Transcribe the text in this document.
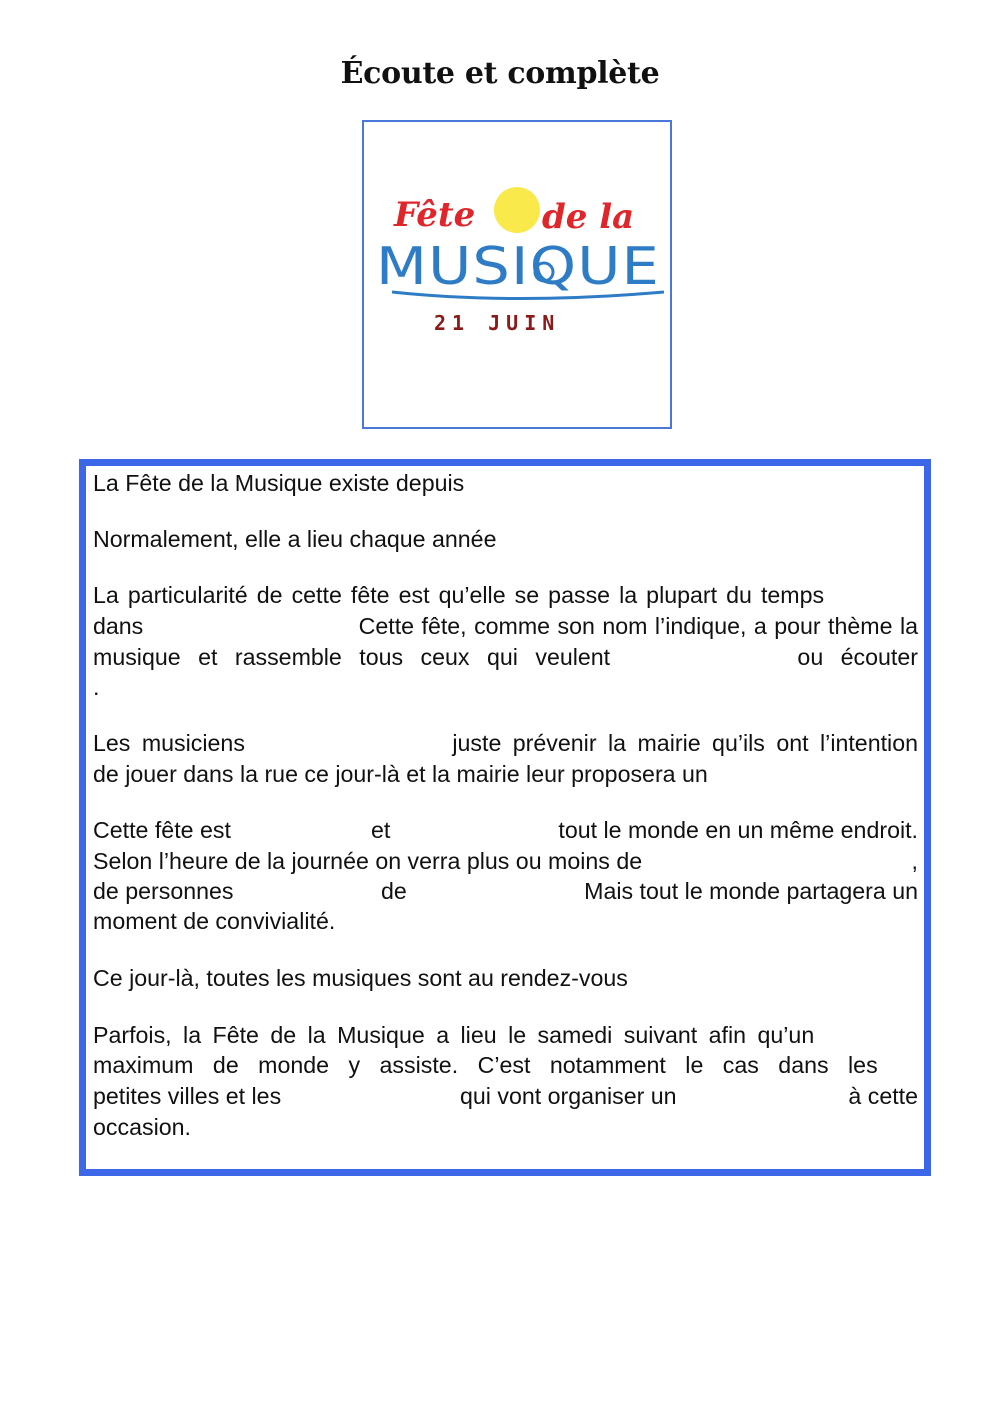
Écoute et complète
Fête de la
MUSIQUE
21 JUIN
La Fête de la Musique existe depuis
Normalement, elle a lieu chaque année
La particularité de cette fête est qu’elle se passe la plupart du temps
dans	Cette fête, comme son nom l’indique, a pour thème la
musique et rassemble tous ceux qui veulent	ou écouter
.
Les musiciens	juste prévenir la mairie qu’ils ont l’intention
de jouer dans la rue ce jour-là et la mairie leur proposera un
Cette fête est	et	tout le monde en un même endroit.
Selon l’heure de la journée on verra plus ou moins de	,
de personnes	de	Mais tout le monde partagera un
moment de convivialité.
Ce jour-là, toutes les musiques sont au rendez-vous
Parfois, la Fête de la Musique a lieu le samedi suivant afin qu’un
maximum de monde y assiste. C’est notamment le cas dans les
petites villes et les	qui vont organiser un	à cette
occasion.
